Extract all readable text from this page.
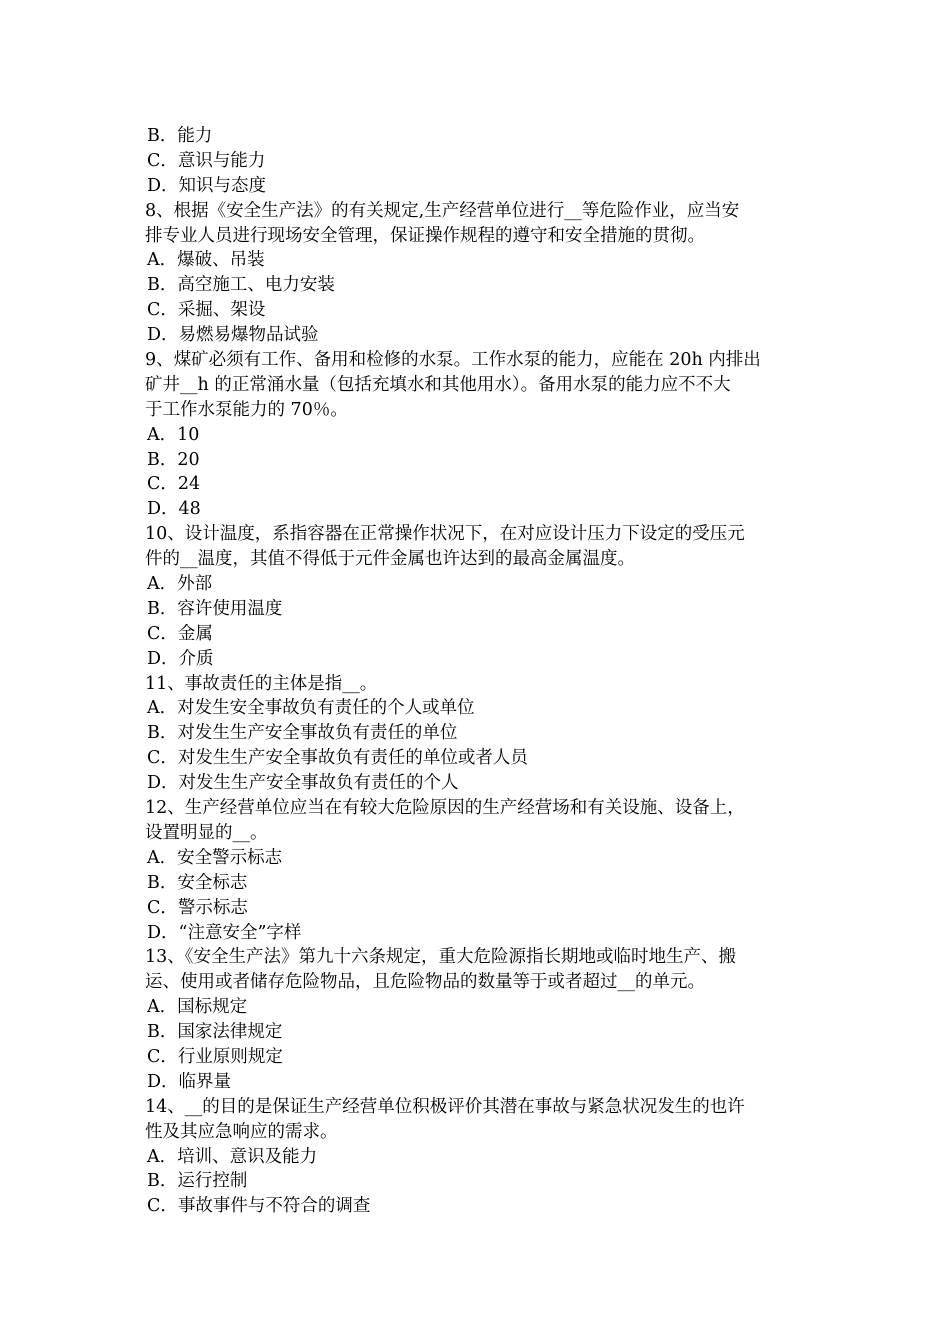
B．能力
C．意识与能力
D．知识与态度
8、根据《安全生产法》的有关规定,生产经营单位进行__等危险作业，应当安
排专业人员进行现场安全管理，保证操作规程的遵守和安全措施的贯彻。
A．爆破、吊装
B．高空施工、电力安装
C．采掘、架设
D．易燃易爆物品试验
9、煤矿必须有工作、备用和检修的水泵。工作水泵的能力，应能在 20h 内排出
矿井__h 的正常涌水量（包括充填水和其他用水）。备用水泵的能力应不不大
于工作水泵能力的 70％。
A．10
B．20
C．24
D．48
10、设计温度，系指容器在正常操作状况下，在对应设计压力下设定的受压元
件的__温度，其值不得低于元件金属也许达到的最高金属温度。
A．外部
B．容许使用温度
C．金属
D．介质
11、事故责任的主体是指__。
A．对发生安全事故负有责任的个人或单位
B．对发生生产安全事故负有责任的单位
C．对发生生产安全事故负有责任的单位或者人员
D．对发生生产安全事故负有责任的个人
12、生产经营单位应当在有较大危险原因的生产经营场和有关设施、设备上，
设置明显的__。
A．安全警示标志
B．安全标志
C．警示标志
D．“注意安全”字样
13、《安全生产法》第九十六条规定，重大危险源指长期地或临时地生产、搬
运、使用或者储存危险物品，且危险物品的数量等于或者超过__的单元。
A．国标规定
B．国家法律规定
C．行业原则规定
D．临界量
14、__的目的是保证生产经营单位积极评价其潜在事故与紧急状况发生的也许
性及其应急响应的需求。
A．培训、意识及能力
B．运行控制
C．事故事件与不符合的调查
